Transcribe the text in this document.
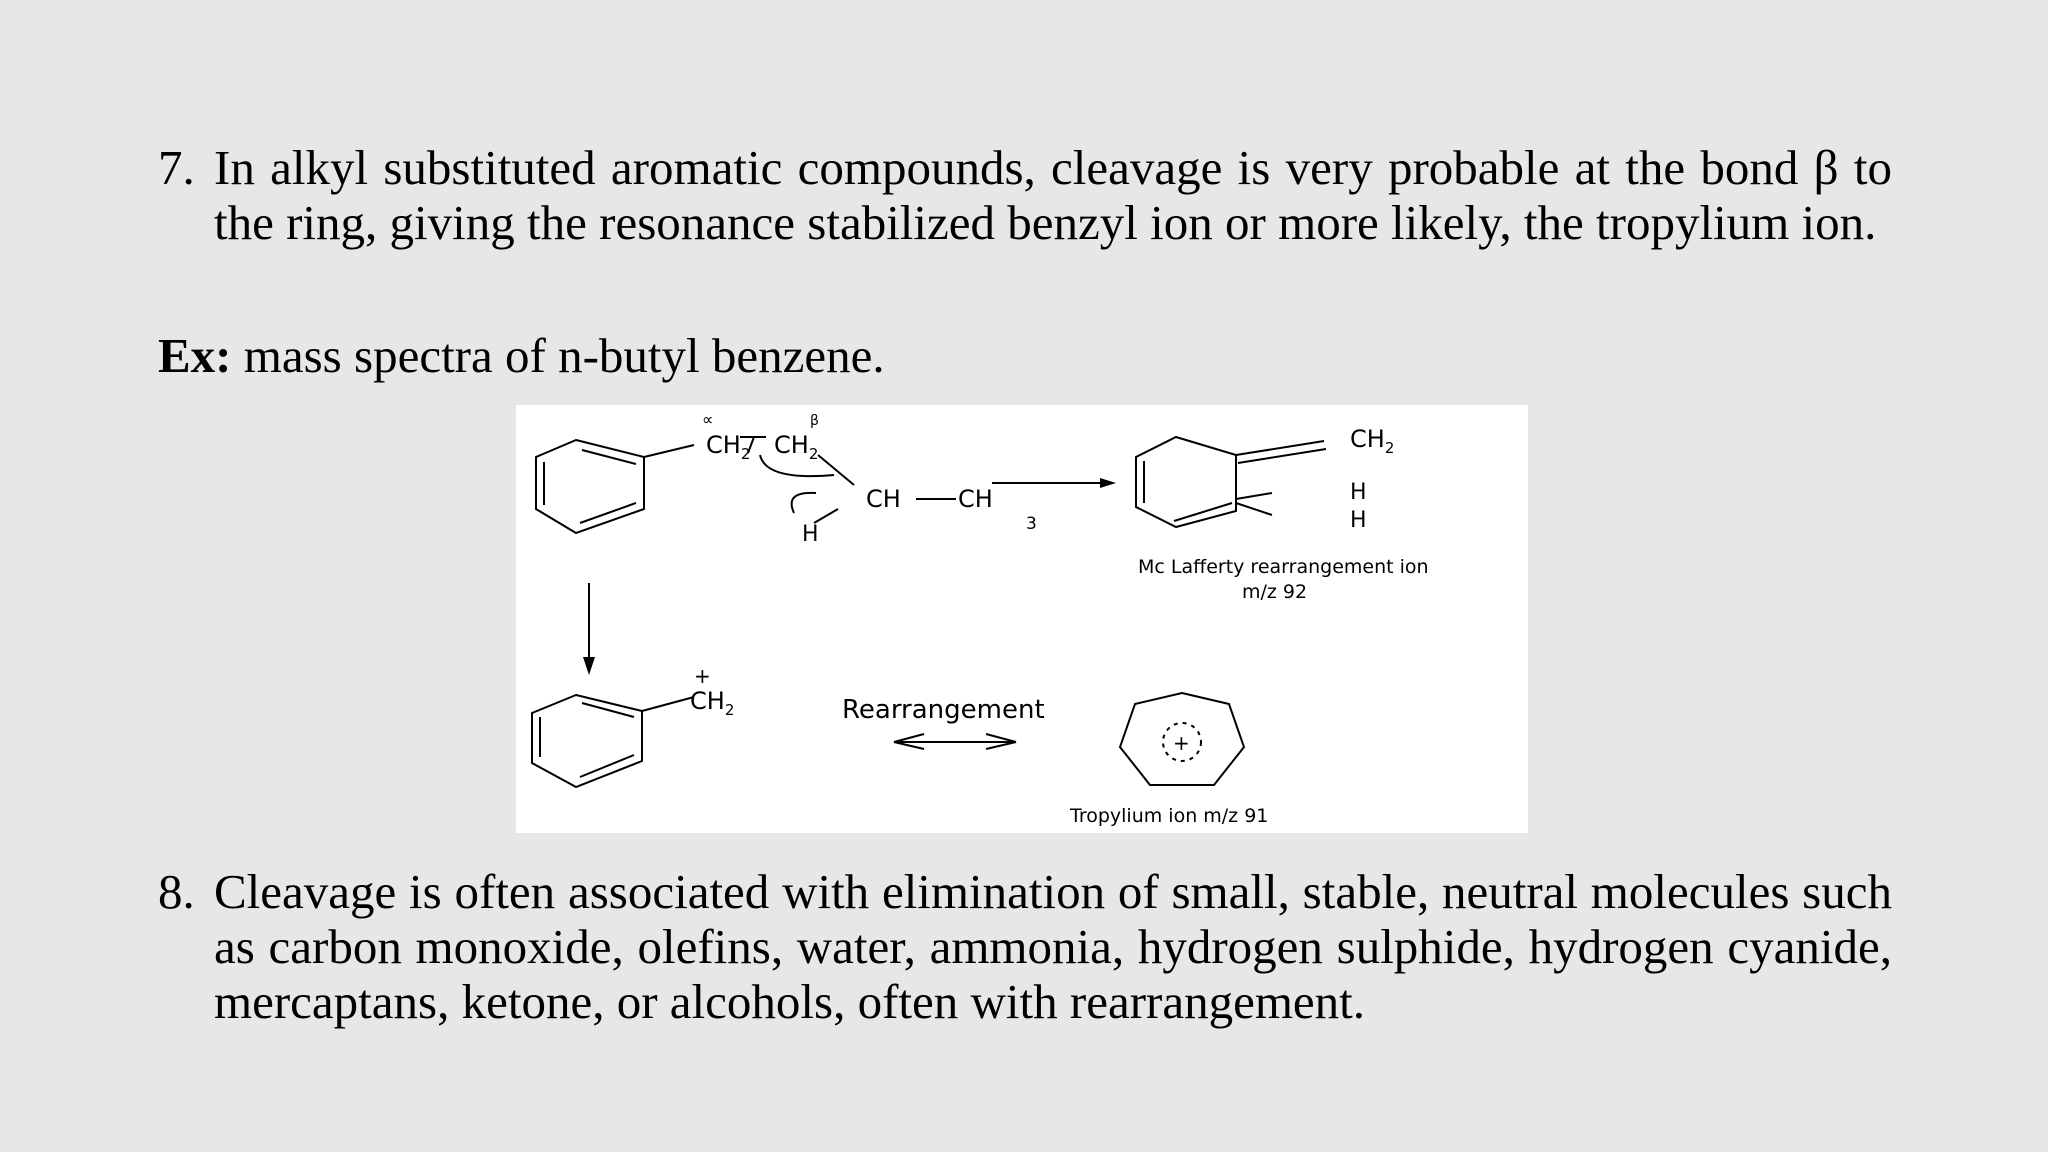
7. In alkyl substituted aromatic compounds, cleavage is very probable at the bond β to the ring, giving the resonance stabilized benzyl ion or more likely, the tropylium ion.
Ex: mass spectra of n-butyl benzene.
∝	β
$CH_2$ $CH_2$
CH CH
3
H
$CH_2$
H
H
Mc Lafferty rearrangement ion
m/z 92
+
$CH_2$	Rearrangement
+
Tropylium ion m/z 91
8. Cleavage is often associated with elimination of small, stable, neutral molecules such as carbon monoxide, olefins, water, ammonia, hydrogen sulphide, hydrogen cyanide, mercaptans, ketone, or alcohols, often with rearrangement.
